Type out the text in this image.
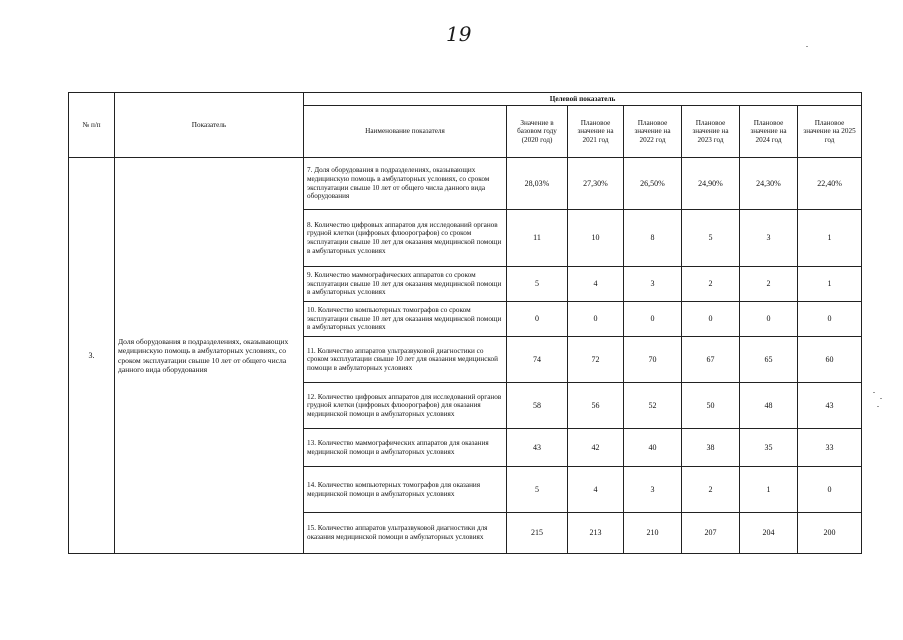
19
№ п/п	Показатель	Целевой показатель						
		Наименование показателя	Значение в базовом году (2020 год)	Плановое значение на 2021 год	Плановое значение на 2022 год	Плановое значение на 2023 год	Плановое значение на 2024 год	Плановое значение на 2025 год
3.	Доля оборудования в подразделениях, оказывающих медицинскую помощь в амбулаторных условиях, со сроком эксплуатации свыше 10 лет от общего числа данного вида оборудования	7. Доля оборудования в подразделениях, оказывающих медицинскую помощь в амбулаторных условиях, со сроком эксплуатации свыше 10 лет от общего числа данного вида оборудования	28,03%	27,30%	26,50%	24,90%	24,30%	22,40%
		8. Количество цифровых аппаратов для исследований органов грудной клетки (цифровых флюорографов) со сроком эксплуатации свыше 10 лет для оказания медицинской помощи в амбулаторных условиях	11	10	8	5	3	1
		9. Количество маммографических аппаратов со сроком эксплуатации свыше 10 лет для оказания медицинской помощи в амбулаторных условиях	5	4	3	2	2	1
		10. Количество компьютерных томографов со сроком эксплуатации свыше 10 лет для оказания медицинской помощи в амбулаторных условиях	0	0	0	0	0	0
		11. Количество аппаратов ультразвуковой диагностики со сроком эксплуатации свыше 10 лет для оказания медицинской помощи в амбулаторных условиях	74	72	70	67	65	60
		12. Количество цифровых аппаратов для исследований органов грудной клетки (цифровых флюорографов) для оказания медицинской помощи в амбулаторных условиях	58	56	52	50	48	43
		13. Количество маммографических аппаратов для оказания медицинской помощи в амбулаторных условиях	43	42	40	38	35	33
		14. Количество компьютерных томографов для оказания медицинской помощи в амбулаторных условиях	5	4	3	2	1	0
		15. Количество аппаратов ультразвуковой диагностики для оказания медицинской помощи в амбулаторных условиях	215	213	210	207	204	200
